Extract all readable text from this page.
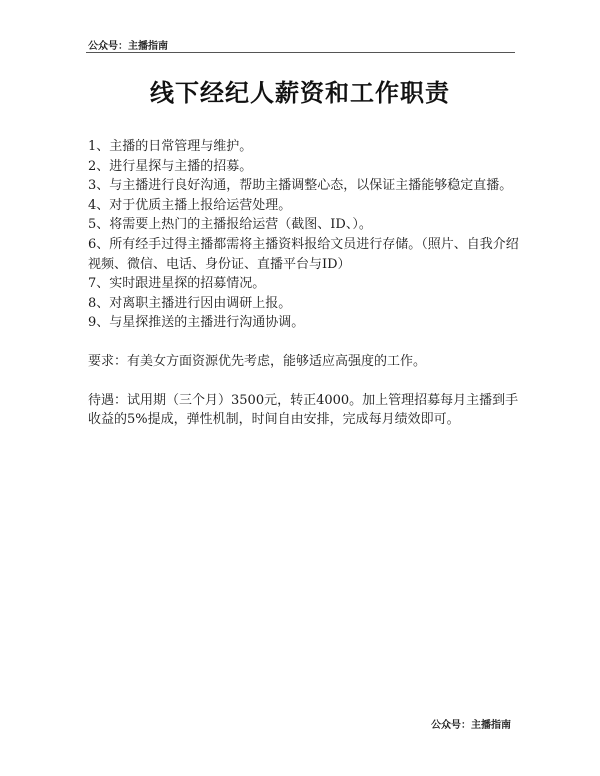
公众号：主播指南
线下经纪人薪资和工作职责
1、主播的日常管理与维护。
2、进行星探与主播的招募。
3、与主播进行良好沟通，帮助主播调整心态，以保证主播能够稳定直播。
4、对于优质主播上报给运营处理。
5、将需要上热门的主播报给运营（截图、ID、）。
6、所有经手过得主播都需将主播资料报给文员进行存储。（照片、自我介绍视频、微信、电话、身份证、直播平台与ID）
7、实时跟进星探的招募情况。
8、对离职主播进行因由调研上报。
9、与星探推送的主播进行沟通协调。

要求：有美女方面资源优先考虑，能够适应高强度的工作。

待遇：试用期（三个月）3500元，转正4000。加上管理招募每月主播到手收益的5%提成，弹性机制，时间自由安排，完成每月绩效即可。

公众号：主播指南
